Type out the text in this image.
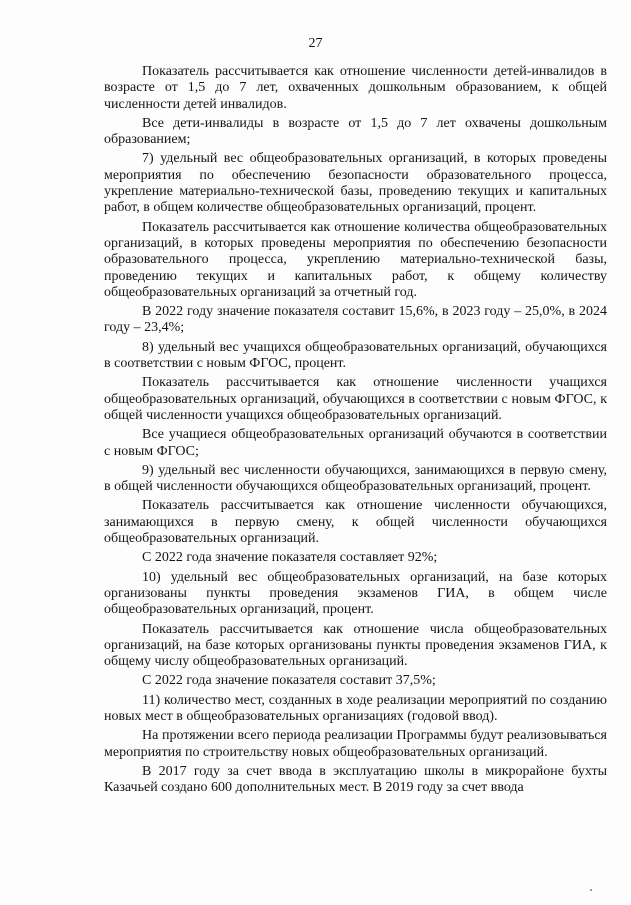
27

Показатель рассчитывается как отношение численности детей-инвалидов в возрасте от 1,5 до 7 лет, охваченных дошкольным образованием, к общей численности детей инвалидов.

Все дети-инвалиды в возрасте от 1,5 до 7 лет охвачены дошкольным образованием;

7) удельный вес общеобразовательных организаций, в которых проведены мероприятия по обеспечению безопасности образовательного процесса, укрепление материально-технической базы, проведению текущих и капитальных работ, в общем количестве общеобразовательных организаций, процент.

Показатель рассчитывается как отношение количества общеобразовательных организаций, в которых проведены мероприятия по обеспечению безопасности образовательного процесса, укреплению материально-технической базы, проведению текущих и капитальных работ, к общему количеству общеобразовательных организаций за отчетный год.

В 2022 году значение показателя составит 15,6%, в 2023 году – 25,0%, в 2024 году – 23,4%;

8) удельный вес учащихся общеобразовательных организаций, обучающихся в соответствии с новым ФГОС, процент.

Показатель рассчитывается как отношение численности учащихся общеобразовательных организаций, обучающихся в соответствии с новым ФГОС, к общей численности учащихся общеобразовательных организаций.

Все учащиеся общеобразовательных организаций обучаются в соответствии с новым ФГОС;

9) удельный вес численности обучающихся, занимающихся в первую смену, в общей численности обучающихся общеобразовательных организаций, процент.

Показатель рассчитывается как отношение численности обучающихся, занимающихся в первую смену, к общей численности обучающихся общеобразовательных организаций.

С 2022 года значение показателя составляет 92%;

10) удельный вес общеобразовательных организаций, на базе которых организованы пункты проведения экзаменов ГИА, в общем числе общеобразовательных организаций, процент.

Показатель рассчитывается как отношение числа общеобразовательных организаций, на базе которых организованы пункты проведения экзаменов ГИА, к общему числу общеобразовательных организаций.

С 2022 года значение показателя составит 37,5%;

11) количество мест, созданных в ходе реализации мероприятий по созданию новых мест в общеобразовательных организациях (годовой ввод).

На протяжении всего периода реализации Программы будут реализовываться мероприятия по строительству новых общеобразовательных организаций.

В 2017 году за счет ввода в эксплуатацию школы в микрорайоне бухты Казачьей создано 600 дополнительных мест. В 2019 году за счет ввода
